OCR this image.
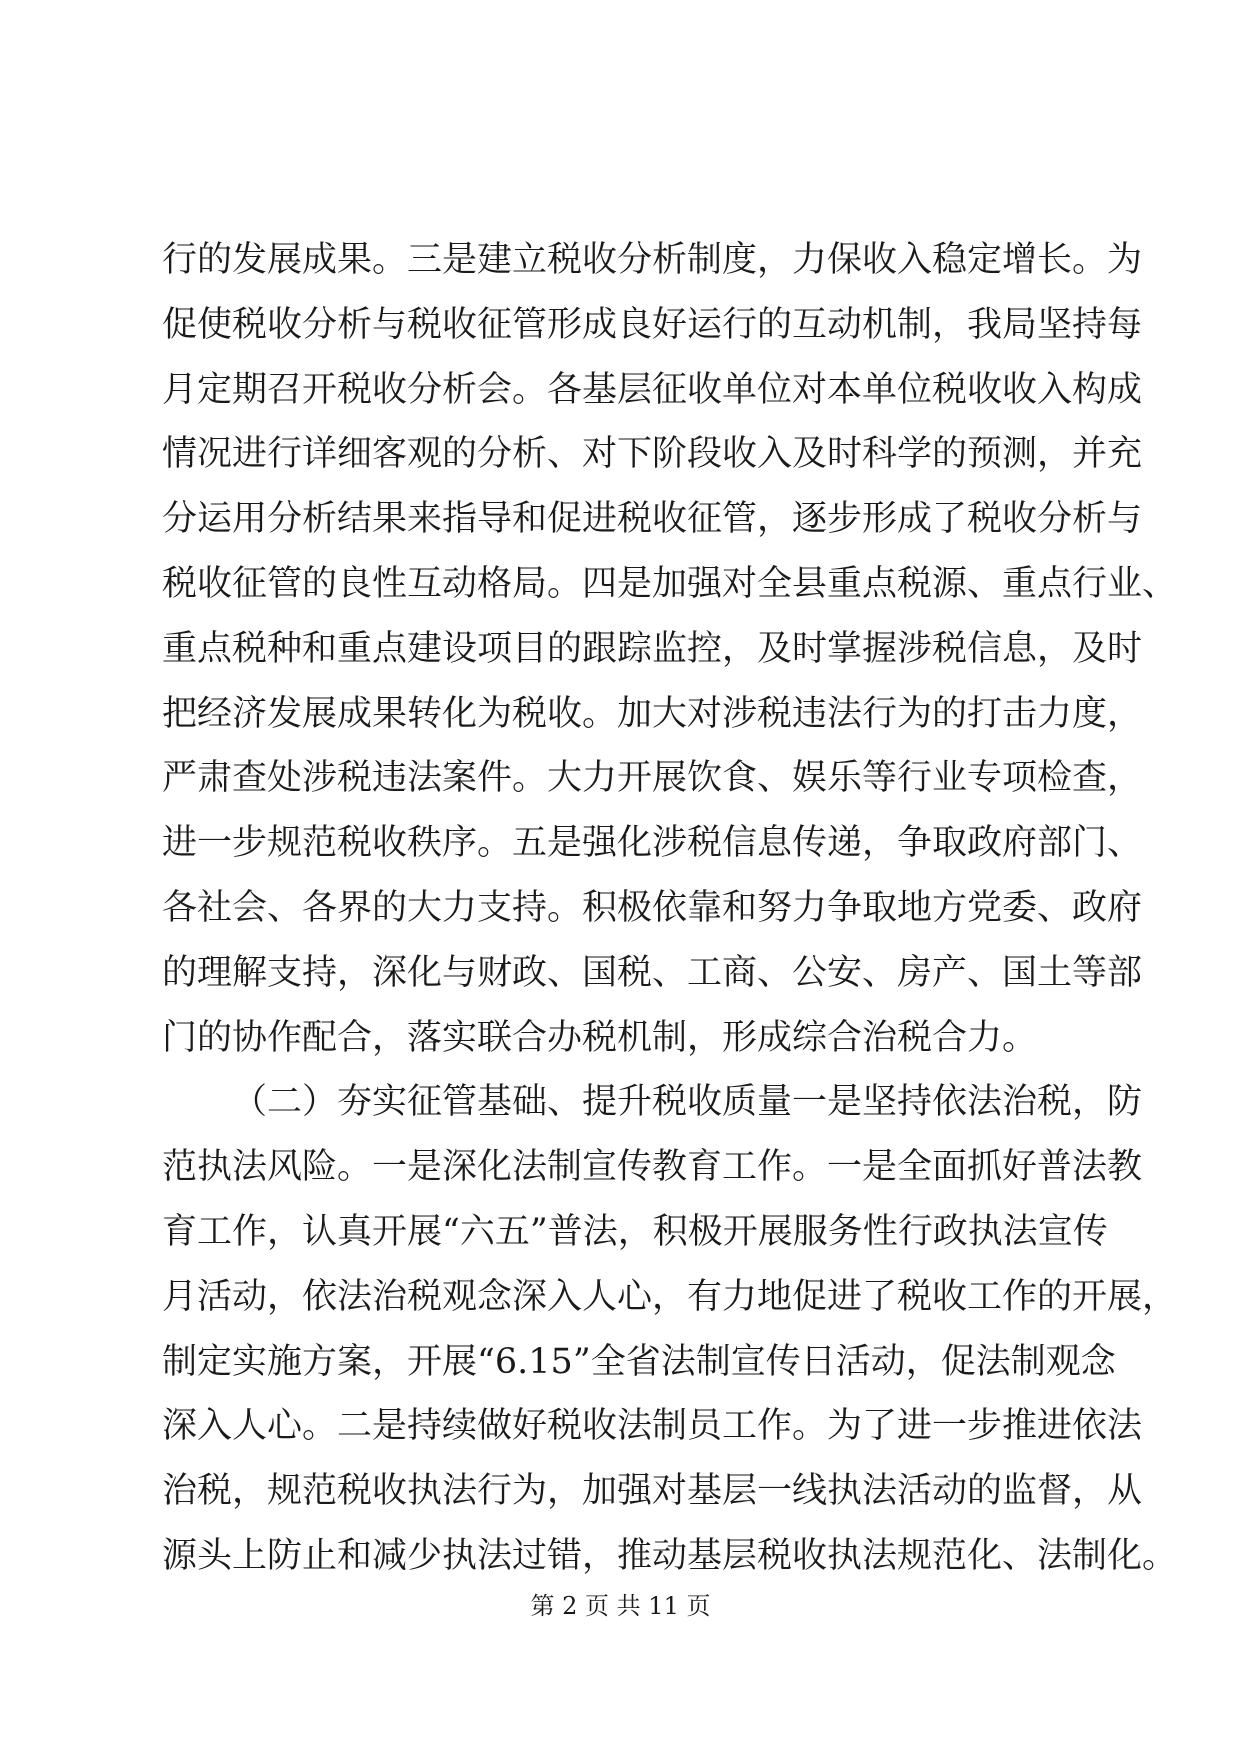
行的发展成果。三是建立税收分析制度，力保收入稳定增长。为
促使税收分析与税收征管形成良好运行的互动机制，我局坚持每
月定期召开税收分析会。各基层征收单位对本单位税收收入构成
情况进行详细客观的分析、对下阶段收入及时科学的预测，并充
分运用分析结果来指导和促进税收征管，逐步形成了税收分析与
税收征管的良性互动格局。四是加强对全县重点税源、重点行业、
重点税种和重点建设项目的跟踪监控，及时掌握涉税信息，及时
把经济发展成果转化为税收。加大对涉税违法行为的打击力度，
严肃查处涉税违法案件。大力开展饮食、娱乐等行业专项检查，
进一步规范税收秩序。五是强化涉税信息传递，争取政府部门、
各社会、各界的大力支持。积极依靠和努力争取地方党委、政府
的理解支持，深化与财政、国税、工商、公安、房产、国土等部
门的协作配合，落实联合办税机制，形成综合治税合力。
（二）夯实征管基础、提升税收质量一是坚持依法治税，防
范执法风险。一是深化法制宣传教育工作。一是全面抓好普法教
育工作，认真开展“六五”普法，积极开展服务性行政执法宣传
月活动，依法治税观念深入人心，有力地促进了税收工作的开展，
制定实施方案，开展“6.15”全省法制宣传日活动，促法制观念
深入人心。二是持续做好税收法制员工作。为了进一步推进依法
治税，规范税收执法行为，加强对基层一线执法活动的监督，从
源头上防止和减少执法过错，推动基层税收执法规范化、法制化。
第 2 页 共 11 页
